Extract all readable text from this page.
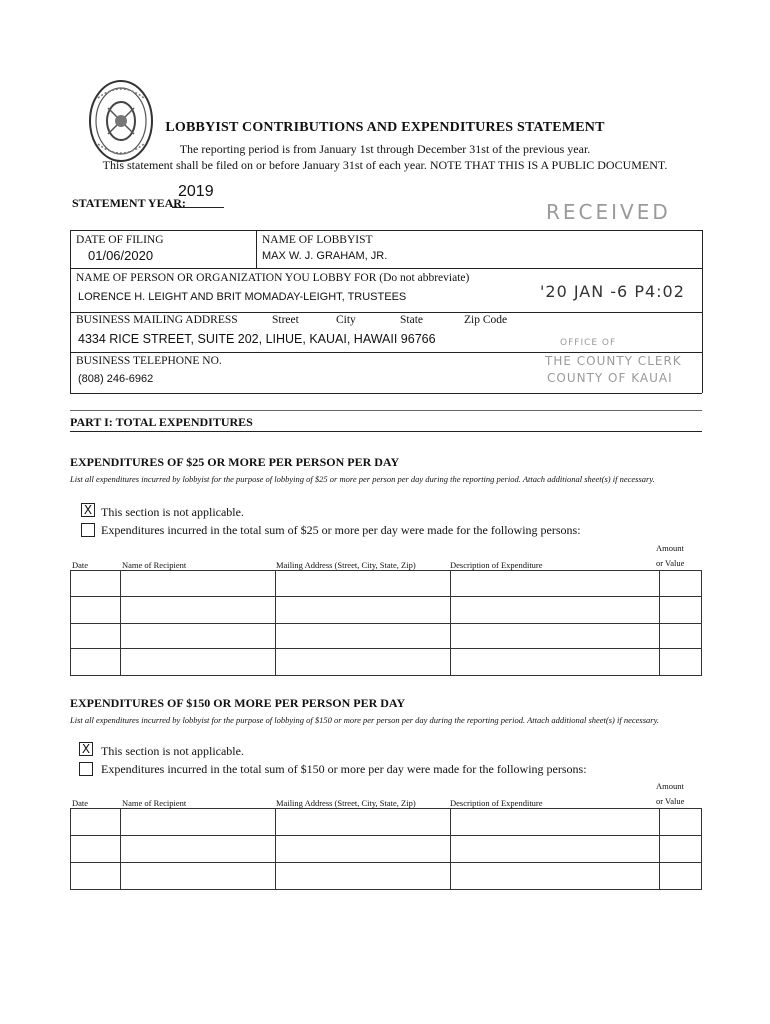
LOBBYIST CONTRIBUTIONS AND EXPENDITURES STATEMENT
The reporting period is from January 1st through December 31st of the previous year.
This statement shall be filed on or before January 31st of each year. NOTE THAT THIS IS A PUBLIC DOCUMENT.
STATEMENT YEAR:
2019
RECEIVED
DATE OF FILING
01/06/2020
NAME OF LOBBYIST
MAX W. J. GRAHAM, JR.
NAME OF PERSON OR ORGANIZATION YOU LOBBY FOR (Do not abbreviate)
LORENCE H. LEIGHT AND BRIT MOMADAY-LEIGHT, TRUSTEES	'20 JAN -6 P4:02
BUSINESS MAILING ADDRESS	Street	City	State	Zip Code
4334 RICE STREET, SUITE 202, LIHUE, KAUAI, HAWAII 96766
BUSINESS TELEPHONE NO.
(808) 246-6962
OFFICE OF
THE COUNTY CLERK
COUNTY OF KAUAI
PART I: TOTAL EXPENDITURES
EXPENDITURES OF $25 OR MORE PER PERSON PER DAY
List all expenditures incurred by lobbyist for the purpose of lobbying of $25 or more per person per day during the reporting period. Attach additional sheet(s) if necessary.
X This section is not applicable.
Expenditures incurred in the total sum of $25 or more per day were made for the following persons:
Date	Name of Recipient	Mailing Address (Street, City, State, Zip)	Description of Expenditure
Amount
or Value

EXPENDITURES OF $150 OR MORE PER PERSON PER DAY
List all expenditures incurred by lobbyist for the purpose of lobbying of $150 or more per person per day during the reporting period. Attach additional sheet(s) if necessary.
X This section is not applicable.
Expenditures incurred in the total sum of $150 or more per day were made for the following persons:
Date	Name of Recipient	Mailing Address (Street, City, State, Zip)	Description of Expenditure
Amount
or Value
